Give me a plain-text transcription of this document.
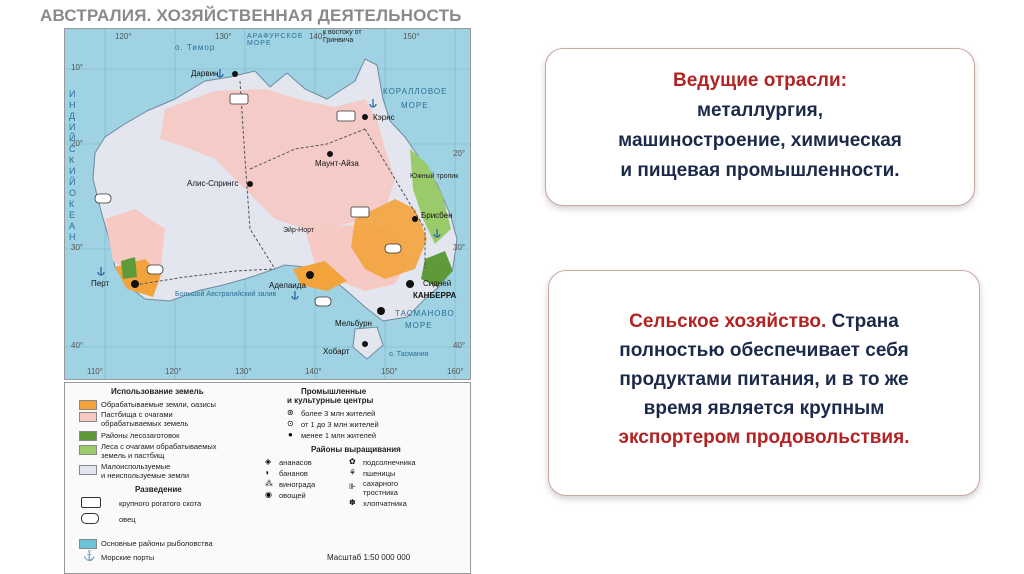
АВСТРАЛИЯ. ХОЗЯЙСТВЕННАЯ ДЕЯТЕЛЬНОСТЬ
120°	130°	140°	150°
110°	120°	130°	140°	150°	160°
10°
20°
30°
40°
20°
30°
40°
о. Тимор
АРАФУРСКОЕ МОРЕ
к востоку от Гринвича
КОРАЛЛОВОЕ
МОРЕ
ТАСМАНОВО
МОРЕ
И Н Д И Й С К И Й О К Е А Н
Большой Австралийский залив
Южный тропик
Эйр-Норт
о. Тасмания
Дарвин
Кэрнс
Маунт-Айза
Алис-Спрингс
Брисбен
Перт	Аделаида	Сидней
КАНБЕРРА
Мельбурн
Хобарт
Использование земель
Обрабатываемые земли, оазисы
Пастбища с очагами
обрабатываемых земель
Районы лесозаготовок
Леса с очагами обрабатываемых
земель и пастбищ
Малоиспользуемые
и неиспользуемые земли
Разведение
крупного рогатого скота
овец
Основные районы рыболовства
⚓ Морские порты
Промышленные
и культурные центры
⊛ более 3 млн жителей
⊙ от 1 до 3 млн жителей
● менее 1 млн жителей
Районы выращивания
◈ ананасов
◗ бананов
⁂ винограда
◉ овощей
✿ подсолнечника
⚘ пшеницы
⊪ сахарного
тростника
✽ хлопчатника
Масштаб 1:50 000 000

Ведущие отрасли:

металлургия,

машиностроение, химическая

и пищевая промышленности.

Сельское хозяйство. Страна

полностью обеспечивает себя

продуктами питания, и в то же

время является крупным

экспортером продовольствия.
